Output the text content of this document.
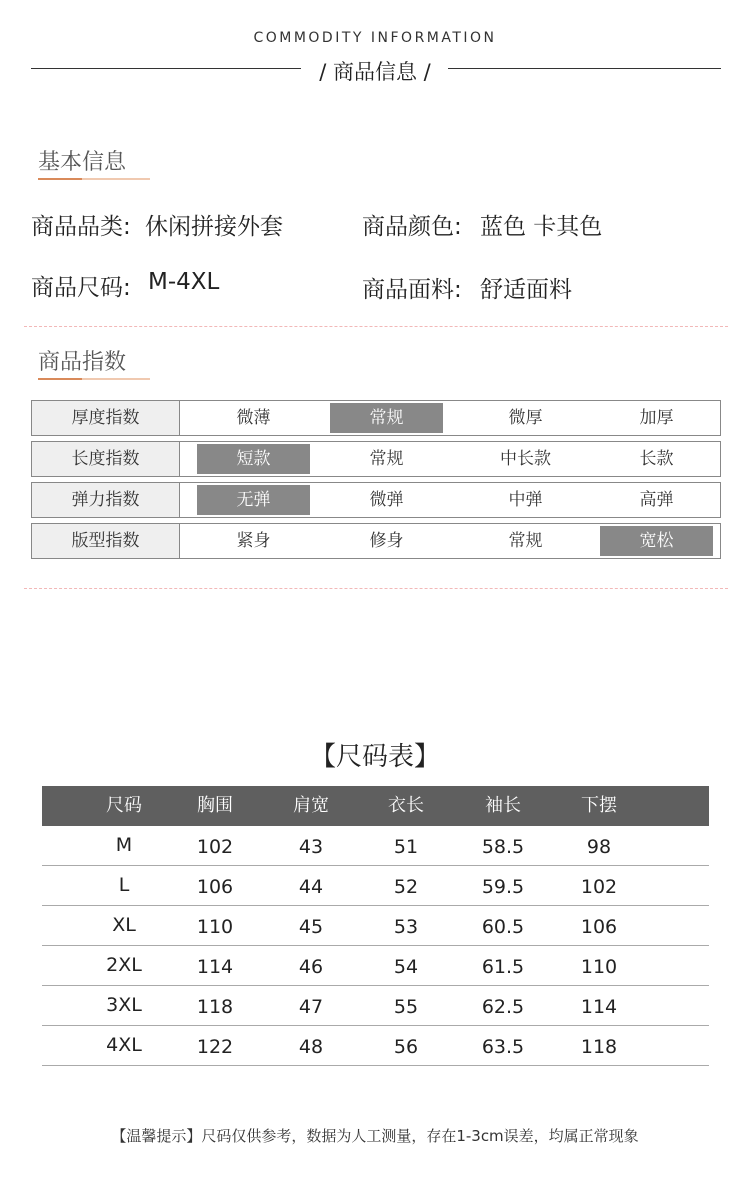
COMMODITY INFORMATION
/ 商品信息 /
基本信息
商品品类: 休闲拼接外套	商品颜色: 蓝色 卡其色
商品尺码: M-4XL	商品面料: 舒适面料
商品指数
厚度指数	微薄	常规	微厚	加厚
长度指数	短款	常规	中长款	长款
弹力指数	无弹	微弹	中弹	高弹
版型指数	紧身	修身	常规	宽松
【尺码表】
尺码	胸围	肩宽	衣长	袖长	下摆
M	102	43	51	58.5	98
L	106	44	52	59.5	102
XL	110	45	53	60.5	106
2XL	114	46	54	61.5	110
3XL	118	47	55	62.5	114
4XL	122	48	56	63.5	118
【温馨提示】尺码仅供参考，数据为人工测量，存在1-3cm误差，均属正常现象
